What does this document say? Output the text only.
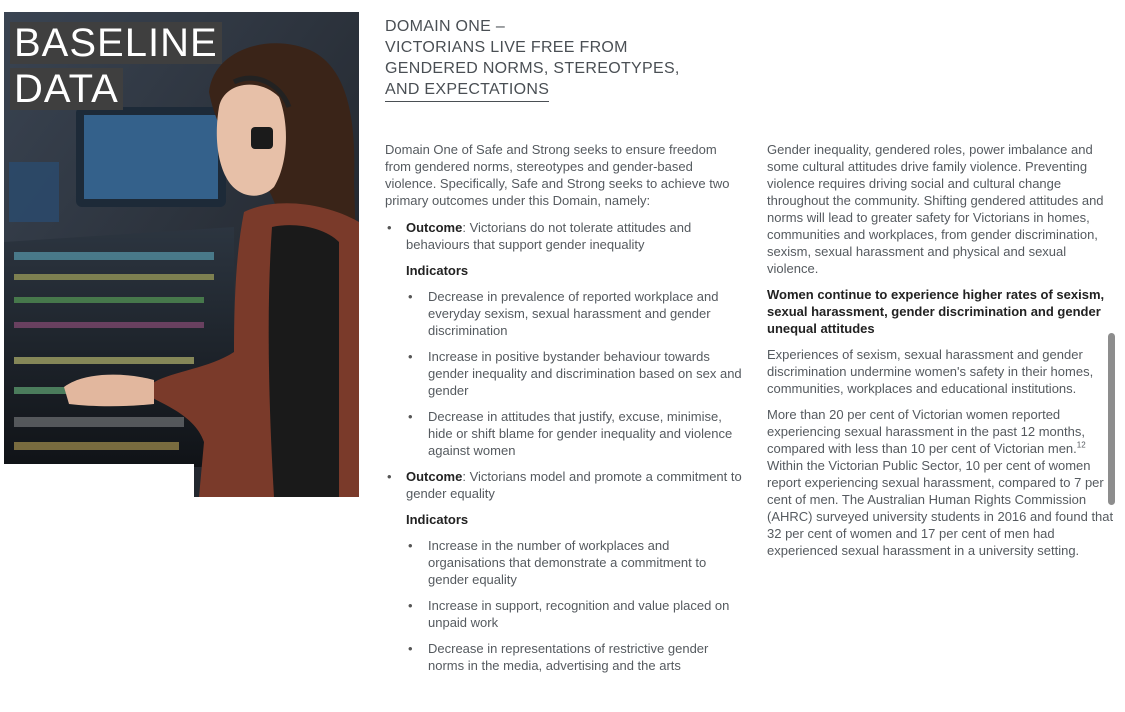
BASELINE
DATA
DOMAIN ONE –
VICTORIANS LIVE FREE FROM
GENDERED NORMS, STEREOTYPES,
AND EXPECTATIONS

Domain One of Safe and Strong seeks to ensure freedom from gendered norms, stereotypes and gender-based violence. Specifically, Safe and Strong seeks to achieve two primary outcomes under this Domain, namely:

• Outcome: Victorians do not tolerate attitudes and behaviours that support gender inequality
Indicators
• Decrease in prevalence of reported workplace and everyday sexism, sexual harassment and gender discrimination
• Increase in positive bystander behaviour towards gender inequality and discrimination based on sex and gender
• Decrease in attitudes that justify, excuse, minimise, hide or shift blame for gender inequality and violence against women
• Outcome: Victorians model and promote a commitment to gender equality
Indicators
• Increase in the number of workplaces and organisations that demonstrate a commitment to gender equality
• Increase in support, recognition and value placed on unpaid work
• Decrease in representations of restrictive gender norms in the media, advertising and the arts

Gender inequality, gendered roles, power imbalance and some cultural attitudes drive family violence. Preventing violence requires driving social and cultural change throughout the community. Shifting gendered attitudes and norms will lead to greater safety for Victorians in homes, communities and workplaces, from gender discrimination, sexism, sexual harassment and physical and sexual violence.

Women continue to experience higher rates of sexism, sexual harassment, gender discrimination and gender unequal attitudes

Experiences of sexism, sexual harassment and gender discrimination undermine women's safety in their homes, communities, workplaces and educational institutions.

More than 20 per cent of Victorian women reported experiencing sexual harassment in the past 12 months, compared with less than 10 per cent of Victorian men.$^{12}$ Within the Victorian Public Sector, 10 per cent of women report experiencing sexual harassment, compared to 7 per cent of men. The Australian Human Rights Commission (AHRC) surveyed university students in 2016 and found that 32 per cent of women and 17 per cent of men had experienced sexual harassment in a university setting.
